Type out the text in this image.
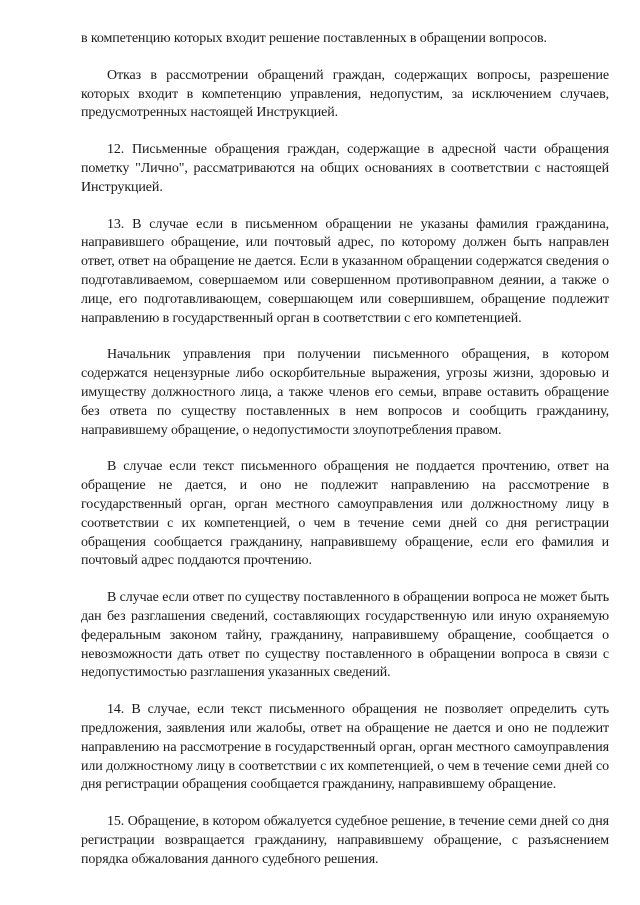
в компетенцию которых входит решение поставленных в обращении вопросов.

Отказ в рассмотрении обращений граждан, содержащих вопросы, разрешение которых входит в компетенцию управления, недопустим, за исключением случаев, предусмотренных настоящей Инструкцией.

12. Письменные обращения граждан, содержащие в адресной части обращения пометку "Лично", рассматриваются на общих основаниях в соответствии с настоящей Инструкцией.

13. В случае если в письменном обращении не указаны фамилия гражданина, направившего обращение, или почтовый адрес, по которому должен быть направлен ответ, ответ на обращение не дается. Если в указанном обращении содержатся сведения о подготавливаемом, совершаемом или совершенном противоправном деянии, а также о лице, его подготавливающем, совершающем или совершившем, обращение подлежит направлению в государственный орган в соответствии с его компетенцией.

Начальник управления при получении письменного обращения, в котором содержатся нецензурные либо оскорбительные выражения, угрозы жизни, здоровью и имуществу должностного лица, а также членов его семьи, вправе оставить обращение без ответа по существу поставленных в нем вопросов и сообщить гражданину, направившему обращение, о недопустимости злоупотребления правом.

В случае если текст письменного обращения не поддается прочтению, ответ на обращение не дается, и оно не подлежит направлению на рассмотрение в государственный орган, орган местного самоуправления или должностному лицу в соответствии с их компетенцией, о чем в течение семи дней со дня регистрации обращения сообщается гражданину, направившему обращение, если его фамилия и почтовый адрес поддаются прочтению.

В случае если ответ по существу поставленного в обращении вопроса не может быть дан без разглашения сведений, составляющих государственную или иную охраняемую федеральным законом тайну, гражданину, направившему обращение, сообщается о невозможности дать ответ по существу поставленного в обращении вопроса в связи с недопустимостью разглашения указанных сведений.

14. В случае, если текст письменного обращения не позволяет определить суть предложения, заявления или жалобы, ответ на обращение не дается и оно не подлежит направлению на рассмотрение в государственный орган, орган местного самоуправления или должностному лицу в соответствии с их компетенцией, о чем в течение семи дней со дня регистрации обращения сообщается гражданину, направившему обращение.

15. Обращение, в котором обжалуется судебное решение, в течение семи дней со дня регистрации возвращается гражданину, направившему обращение, с разъяснением порядка обжалования данного судебного решения.
